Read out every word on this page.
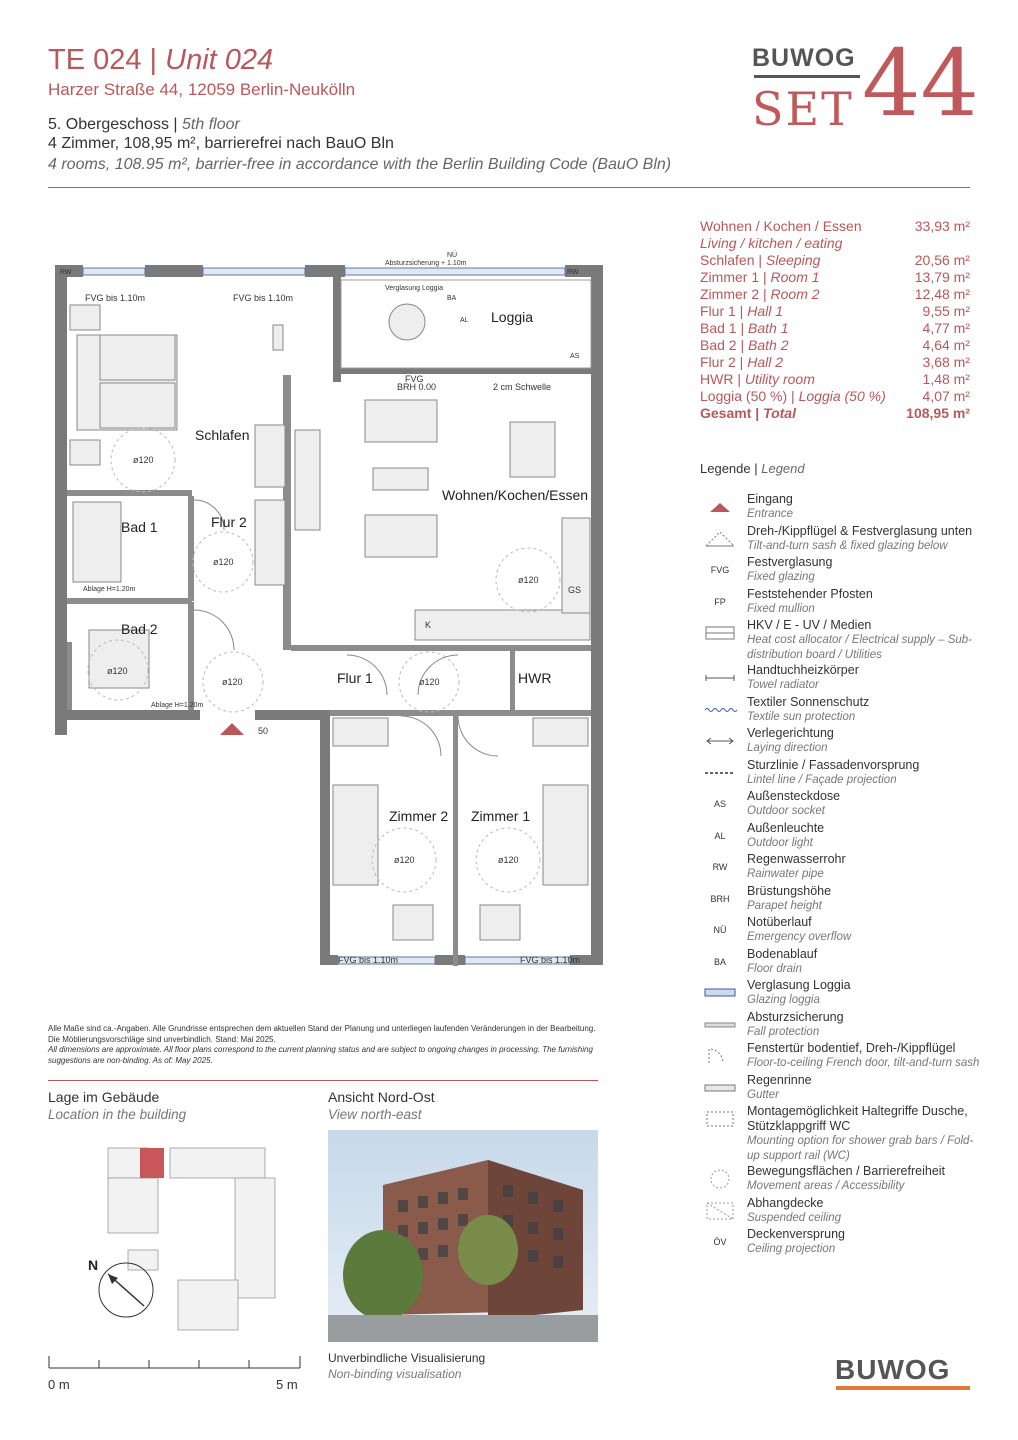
TE 024 | Unit 024
Harzer Straße 44, 12059 Berlin-Neukölln
5. Obergeschoss | 5th floor
4 Zimmer, 108,95 m², barrierefrei nach BauO Bln
4 rooms, 108.95 m², barrier-free in accordance with the Berlin Building Code (BauO Bln)
BUWOG
SET 44
Wohnen / Kochen / Essen	33,93 m²
Living / kitchen / eating
Schlafen | Sleeping	20,56 m²
Zimmer 1 | Room 1	13,79 m²
Zimmer 2 | Room 2	12,48 m²
Flur 1 | Hall 1	9,55 m²
Bad 1 | Bath 1	4,77 m²
Bad 2 | Bath 2	4,64 m²
Flur 2 | Hall 2	3,68 m²
HWR | Utility room	1,48 m²
Loggia (50 %) | Loggia (50 %)	4,07 m²
Gesamt | Total	108,95 m²
Legende | Legend
Eingang
Entrance
Dreh-/Kippflügel & Festverglasung unten
Tilt-and-turn sash & fixed glazing below
FVG
Festverglasung
Fixed glazing
FP
Feststehender Pfosten
Fixed mullion
HKV / E - UV / Medien
Heat cost allocator / Electrical supply – Sub-distribution board / Utilities
Handtuchheizkörper
Towel radiator
Textiler Sonnenschutz
Textile sun protection
Verlegerichtung
Laying direction
Sturzlinie / Fassadenvorsprung
Lintel line / Façade projection
AS
Außensteckdose
Outdoor socket
AL
Außenleuchte
Outdoor light
RW
Regenwasserrohr
Rainwater pipe
BRH
Brüstungshöhe
Parapet height
NÜ
Notüberlauf
Emergency overflow
BA
Bodenablauf
Floor drain
Verglasung Loggia
Glazing loggia
Absturzsicherung
Fall protection
Fenstertür bodentief, Dreh-/Kippflügel
Floor-to-ceiling French door, tilt-and-turn sash
Regenrinne
Gutter
Montagemöglichkeit Haltegriffe Dusche, Stützklappgriff WC
Mounting option for shower grab bars / Fold-up support rail (WC)
Bewegungsflächen / Barrierefreiheit
Movement areas / Accessibility
Abhangdecke
Suspended ceiling
ÖV
Deckenversprung
Ceiling projection
Schlafen
Wohnen/Kochen/Essen
Loggia
Bad 1
Bad 2
Flur 1
Flur 2
HWR
Zimmer 1
Zimmer 2
FVG bis 1.10m	FVG bis 1.10m
FVG bis 1.10m	FVG bis 1.10m
FVG
BRH 0.00	2 cm Schwelle
Absturzsicherung + 1.10m
Verglasung Loggia
AL
AS
BA
NÜ
RW	RW
Ablage H=1.20m
Ablage H=1.20m
K
GS
50
ø120
ø120
ø120
ø120	ø120
ø120
ø120	ø120
Alle Maße sind ca.-Angaben. Alle Grundrisse entsprechen dem aktuellen Stand der Planung und unterliegen laufenden Veränderungen in der Bearbeitung. Die Möblierungsvorschläge sind unverbindlich. Stand: Mai 2025.
All dimensions are approximate. All floor plans correspond to the current planning status and are subject to ongoing changes in processing. The furnishing suggestions are non-binding. As of: May 2025.
Lage im Gebäude
Location in the building
N
Ansicht Nord-Ost
View north-east
Unverbindliche Visualisierung
Non-binding visualisation
0 m	5 m	BUWOG
